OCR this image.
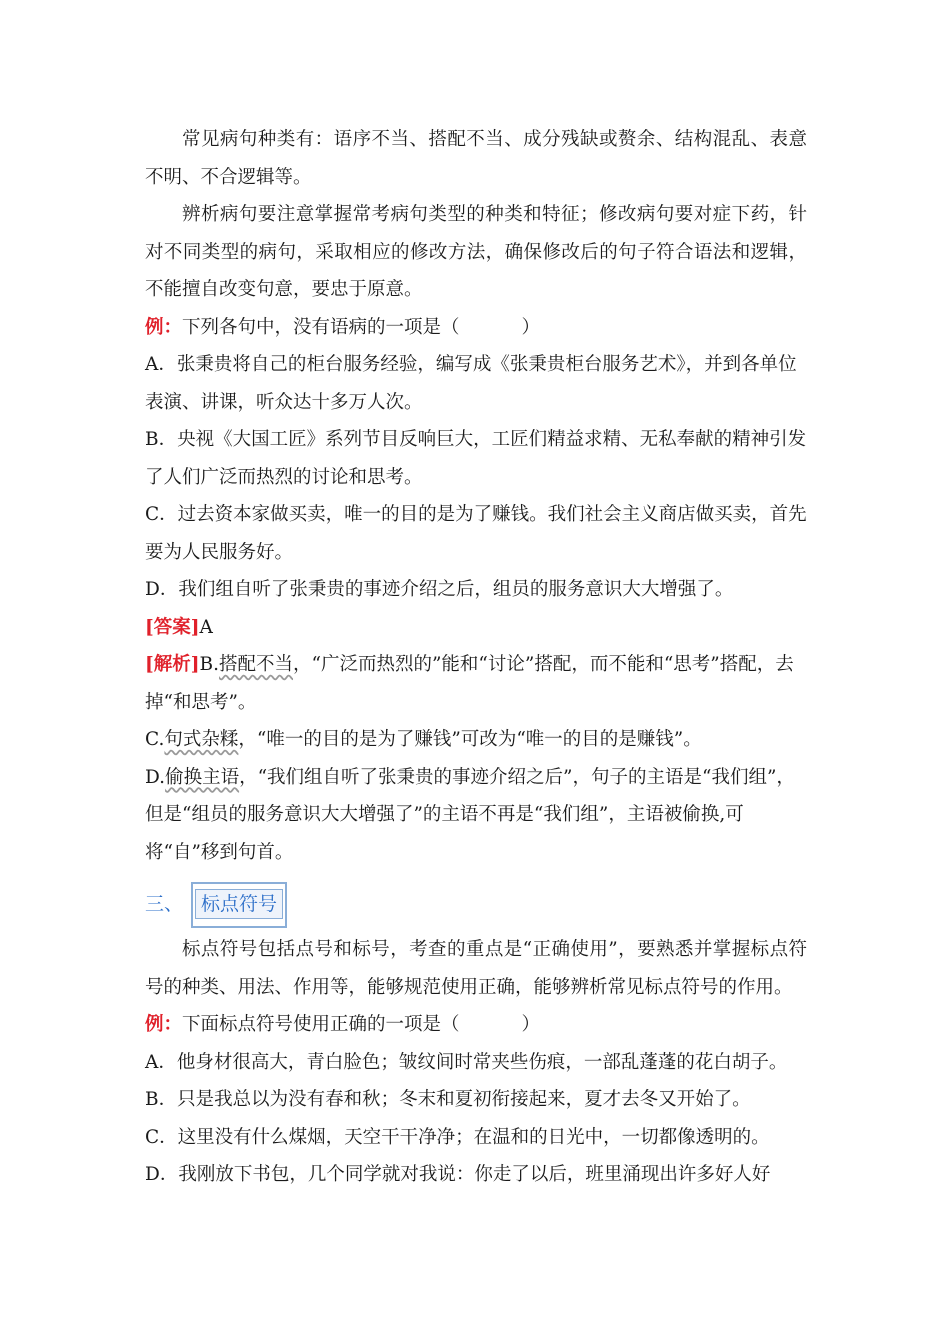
常见病句种类有：语序不当、搭配不当、成分残缺或赘余、结构混乱、表意不明、不合逻辑等。
辨析病句要注意掌握常考病句类型的种类和特征；修改病句要对症下药，针对不同类型的病句，采取相应的修改方法，确保修改后的句子符合语法和逻辑，不能擅自改变句意，要忠于原意。
例：下列各句中，没有语病的一项是（	）
A．张秉贵将自己的柜台服务经验，编写成《张秉贵柜台服务艺术》，并到各单位表演、讲课，听众达十多万人次。
B．央视《大国工匠》系列节目反响巨大，工匠们精益求精、无私奉献的精神引发了人们广泛而热烈的讨论和思考。
C．过去资本家做买卖，唯一的目的是为了赚钱。我们社会主义商店做买卖，首先要为人民服务好。
D．我们组自听了张秉贵的事迹介绍之后，组员的服务意识大大增强了。
[答案]A
[解析]B.搭配不当，“广泛而热烈的”能和“讨论”搭配，而不能和“思考”搭配，去掉“和思考”。
C.句式杂糅，“唯一的目的是为了赚钱”可改为“唯一的目的是赚钱”。
D.偷换主语，“我们组自听了张秉贵的事迹介绍之后”，句子的主语是“我们组”，但是“组员的服务意识大大增强了”的主语不再是“我们组”，主语被偷换,可将“自”移到句首。
三、 标点符号
标点符号包括点号和标号，考查的重点是“正确使用”，要熟悉并掌握标点符号的种类、用法、作用等，能够规范使用正确，能够辨析常见标点符号的作用。
例：下面标点符号使用正确的一项是（	）
A．他身材很高大，青白脸色；皱纹间时常夹些伤痕，一部乱蓬蓬的花白胡子。
B．只是我总以为没有春和秋；冬末和夏初衔接起来，夏才去冬又开始了。
C．这里没有什么煤烟，天空干干净净；在温和的日光中，一切都像透明的。
D．我刚放下书包，几个同学就对我说：你走了以后，班里涌现出许多好人好
